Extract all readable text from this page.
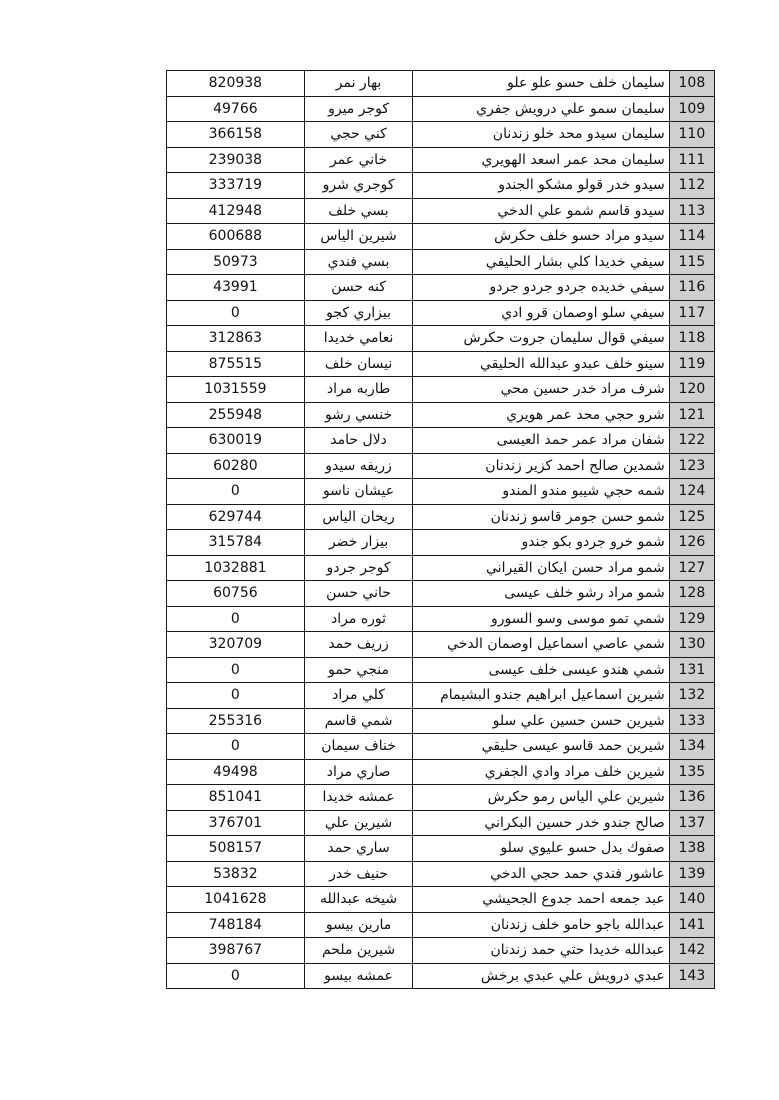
820938	بهار نمر	سليمان خلف حسو علو علو	108
49766	كوجر ميرو	سليمان سمو علي درويش جفري	109
366158	كني حجي	سليمان سيدو محد خلو زندنان	110
239038	خاني عمر	سليمان محد عمر اسعد الهويري	111
333719	كوجري شرو	سيدو خدر قولو مشكو الجندو	112
412948	بسي خلف	سيدو قاسم شمو علي الدخي	113
600688	شيرين الياس	سيدو مراد حسو خلف حكرش	114
50973	بسي فندي	سيفي خديدا كلي بشار الحليفي	115
43991	كنه حسن	سيفي خديده جردو جردو جردو	116
0	بيزاري كجو	سيفي سلو اوصمان قرو ادي	117
312863	نعامي خديدا	سيفي قوال سليمان جروت حكرش	118
875515	نيسان خلف	سينو خلف عبدو عبدالله الحليقي	119
1031559	طاربه مراد	شرف مراد خدر حسين محي	120
255948	خنسي رشو	شرو حجي محد عمر هويري	121
630019	دلال حامد	شفان مراد عمر حمد العيسى	122
60280	زريفه سيدو	شمدين صالح احمد كزير زندنان	123
0	عيشان ناسو	شمه حجي شيبو مندو المندو	124
629744	ريحان الياس	شمو حسن جومر قاسو زندنان	125
315784	بيزار خضر	شمو خرو جردو بكو جندو	126
1032881	كوجر جردو	شمو مراد حسن ايكان القيراني	127
60756	حاني حسن	شمو مراد رشو خلف عيسى	128
0	ثوره مراد	شمي تمو موسى وسو السورو	129
320709	زريف حمد	شمي عاصي اسماعيل اوصمان الدخي	130
0	منجي حمو	شمي هندو عيسى خلف عيسى	131
0	كلي مراد	شيرين اسماعيل ابراهيم جندو البشيمام	132
255316	شمي قاسم	شيرين حسن حسين علي سلو	133
0	خناف سيمان	شيرين حمد قاسو عيسى حليقي	134
49498	صاري مراد	شيرين خلف مراد وادي الجفري	135
851041	عمشه خديدا	شيرين علي الياس رمو حكرش	136
376701	شيرين علي	صالح جندو خدر حسين البكراني	137
508157	ساري حمد	صفوك بدل حسو عليوي سلو	138
53832	حنيف خدر	عاشور فندي حمد حجي الدخي	139
1041628	شيخه عبدالله	عبد جمعه احمد جدوع الجحيشي	140
748184	مارين بيسو	عبدالله باجو حامو خلف زندنان	141
398767	شيرين ملحم	عبدالله خديدا حتي حمد زندنان	142
0	عمشه بيسو	عبدي درويش علي عبدي برخش	143
